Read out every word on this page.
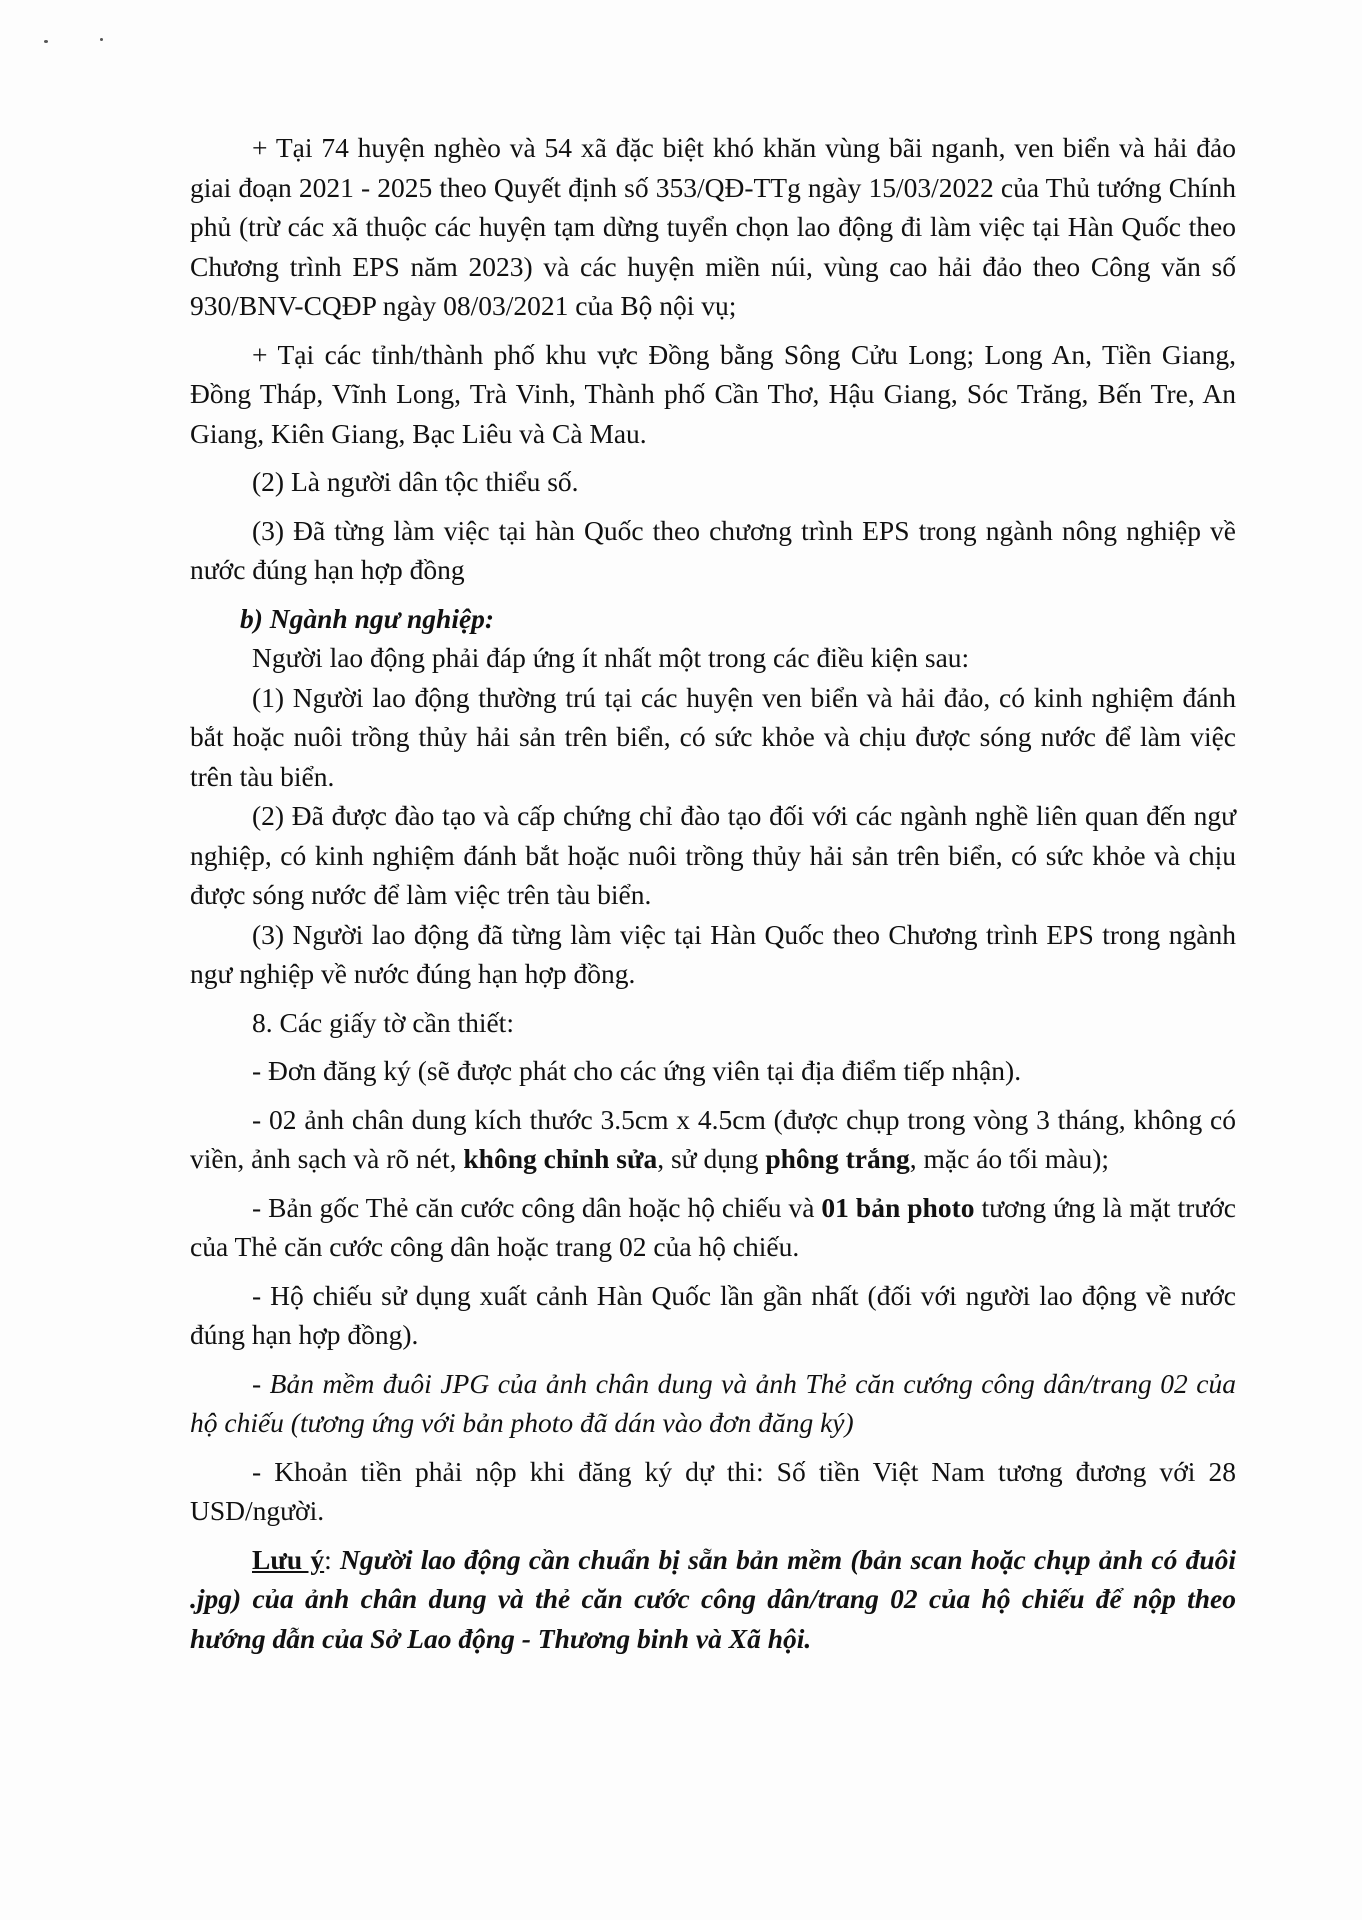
+ Tại 74 huyện nghèo và 54 xã đặc biệt khó khăn vùng bãi nganh, ven biển và hải đảo giai đoạn 2021 - 2025 theo Quyết định số 353/QĐ-TTg ngày 15/03/2022 của Thủ tướng Chính phủ (trừ các xã thuộc các huyện tạm dừng tuyển chọn lao động đi làm việc tại Hàn Quốc theo Chương trình EPS năm 2023) và các huyện miền núi, vùng cao hải đảo theo Công văn số 930/BNV-CQĐP ngày 08/03/2021 của Bộ nội vụ;

+ Tại các tỉnh/thành phố khu vực Đồng bằng Sông Cửu Long; Long An, Tiền Giang, Đồng Tháp, Vĩnh Long, Trà Vinh, Thành phố Cần Thơ, Hậu Giang, Sóc Trăng, Bến Tre, An Giang, Kiên Giang, Bạc Liêu và Cà Mau.

(2) Là người dân tộc thiểu số.

(3) Đã từng làm việc tại hàn Quốc theo chương trình EPS trong ngành nông nghiệp về nước đúng hạn hợp đồng

b) Ngành ngư nghiệp:

Người lao động phải đáp ứng ít nhất một trong các điều kiện sau:

(1) Người lao động thường trú tại các huyện ven biển và hải đảo, có kinh nghiệm đánh bắt hoặc nuôi trồng thủy hải sản trên biển, có sức khỏe và chịu được sóng nước để làm việc trên tàu biển.

(2) Đã được đào tạo và cấp chứng chỉ đào tạo đối với các ngành nghề liên quan đến ngư nghiệp, có kinh nghiệm đánh bắt hoặc nuôi trồng thủy hải sản trên biển, có sức khỏe và chịu được sóng nước để làm việc trên tàu biển.

(3) Người lao động đã từng làm việc tại Hàn Quốc theo Chương trình EPS trong ngành ngư nghiệp về nước đúng hạn hợp đồng.

8. Các giấy tờ cần thiết:

- Đơn đăng ký (sẽ được phát cho các ứng viên tại địa điểm tiếp nhận).

- 02 ảnh chân dung kích thước 3.5cm x 4.5cm (được chụp trong vòng 3 tháng, không có viền, ảnh sạch và rõ nét, không chỉnh sửa, sử dụng phông trắng, mặc áo tối màu);

- Bản gốc Thẻ căn cước công dân hoặc hộ chiếu và 01 bản photo tương ứng là mặt trước của Thẻ căn cước công dân hoặc trang 02 của hộ chiếu.

- Hộ chiếu sử dụng xuất cảnh Hàn Quốc lần gần nhất (đối với người lao động về nước đúng hạn hợp đồng).

- Bản mềm đuôi JPG của ảnh chân dung và ảnh Thẻ căn cướng công dân/trang 02 của hộ chiếu (tương ứng với bản photo đã dán vào đơn đăng ký)

- Khoản tiền phải nộp khi đăng ký dự thi: Số tiền Việt Nam tương đương với 28 USD/người.

Lưu ý: Người lao động cần chuẩn bị sẵn bản mềm (bản scan hoặc chụp ảnh có đuôi .jpg) của ảnh chân dung và thẻ căn cước công dân/trang 02 của hộ chiếu để nộp theo hướng dẫn của Sở Lao động - Thương binh và Xã hội.
